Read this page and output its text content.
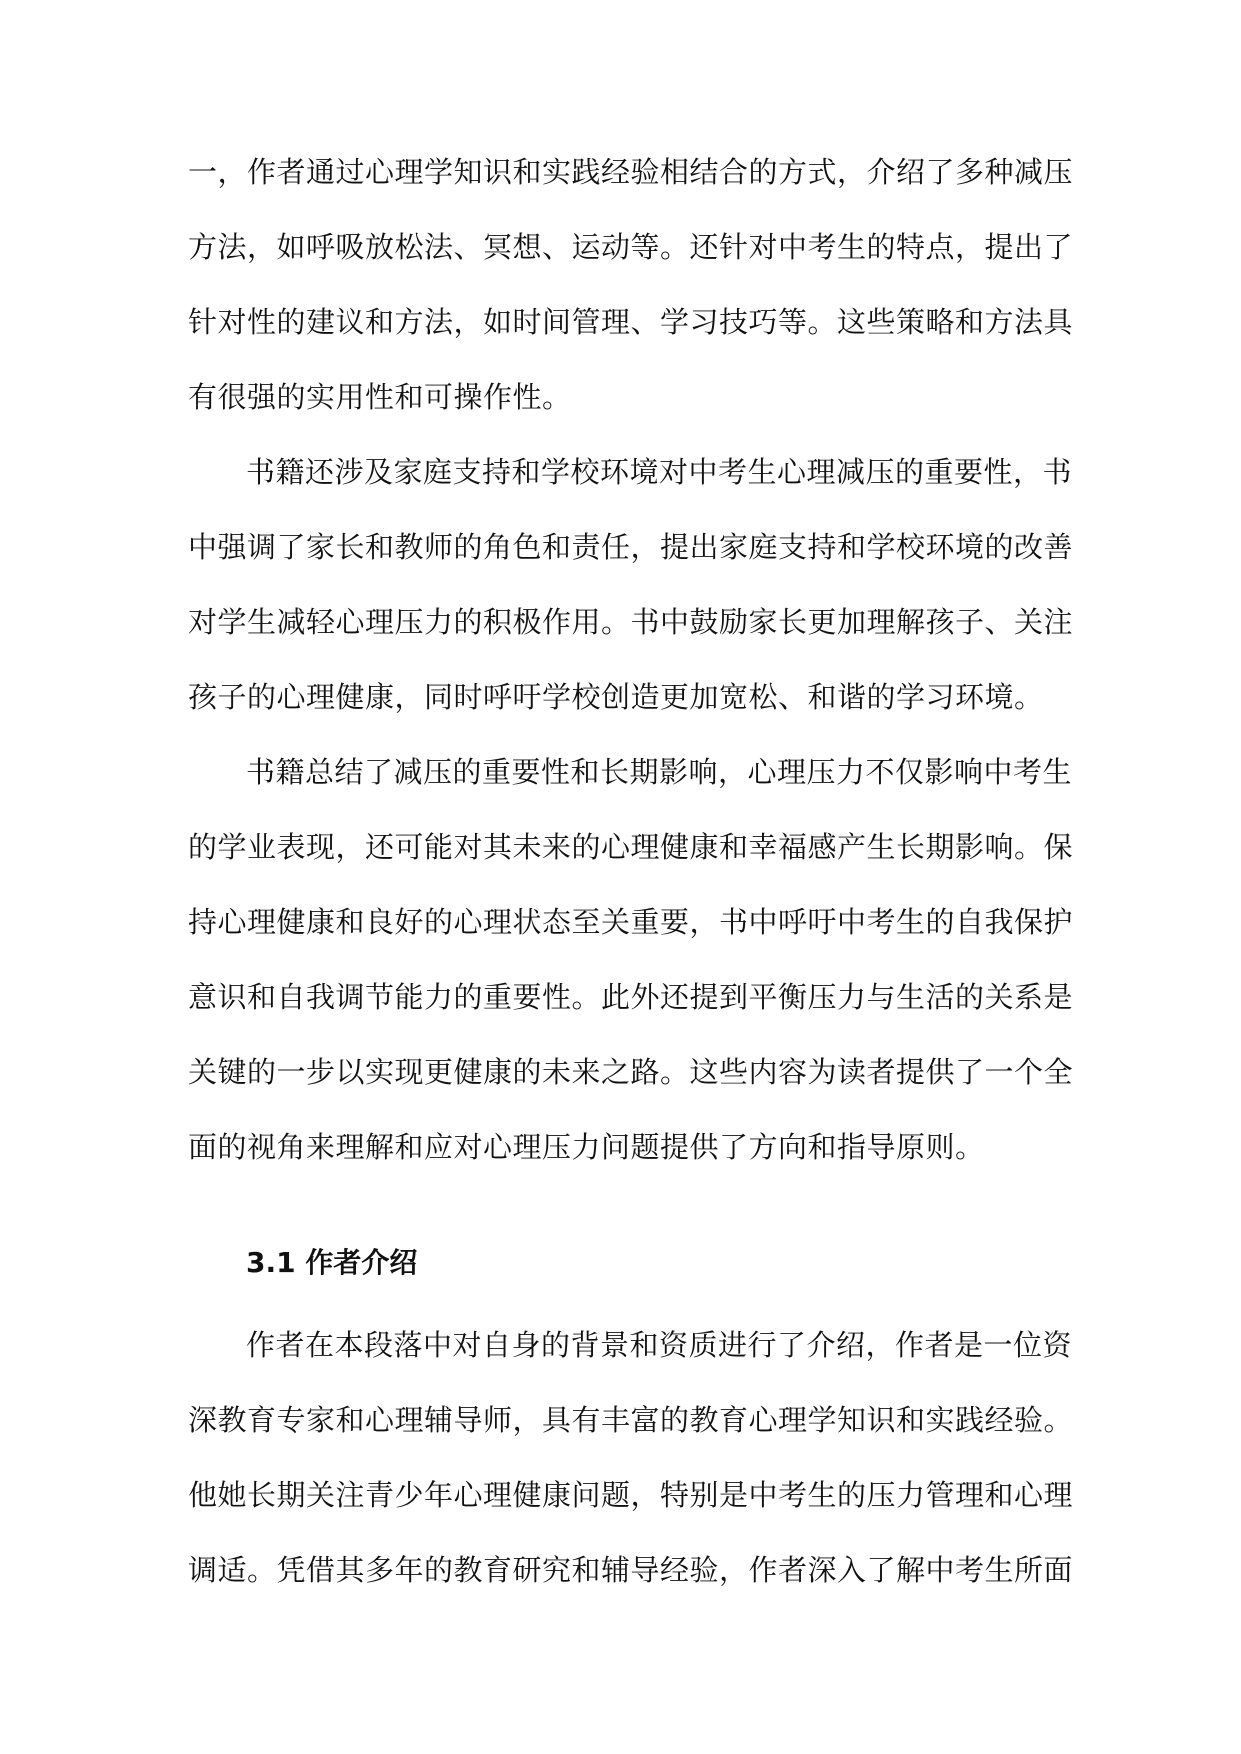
一，作者通过心理学知识和实践经验相结合的方式，介绍了多种减压
方法，如呼吸放松法、冥想、运动等。还针对中考生的特点，提出了
针对性的建议和方法，如时间管理、学习技巧等。这些策略和方法具
有很强的实用性和可操作性。
书籍还涉及家庭支持和学校环境对中考生心理减压的重要性，书
中强调了家长和教师的角色和责任，提出家庭支持和学校环境的改善
对学生减轻心理压力的积极作用。书中鼓励家长更加理解孩子、关注
孩子的心理健康，同时呼吁学校创造更加宽松、和谐的学习环境。
书籍总结了减压的重要性和长期影响，心理压力不仅影响中考生
的学业表现，还可能对其未来的心理健康和幸福感产生长期影响。保
持心理健康和良好的心理状态至关重要，书中呼吁中考生的自我保护
意识和自我调节能力的重要性。此外还提到平衡压力与生活的关系是
关键的一步以实现更健康的未来之路。这些内容为读者提供了一个全
面的视角来理解和应对心理压力问题提供了方向和指导原则。
3.1 作者介绍
作者在本段落中对自身的背景和资质进行了介绍，作者是一位资
深教育专家和心理辅导师，具有丰富的教育心理学知识和实践经验。
他她长期关注青少年心理健康问题，特别是中考生的压力管理和心理
调适。凭借其多年的教育研究和辅导经验，作者深入了解中考生所面
